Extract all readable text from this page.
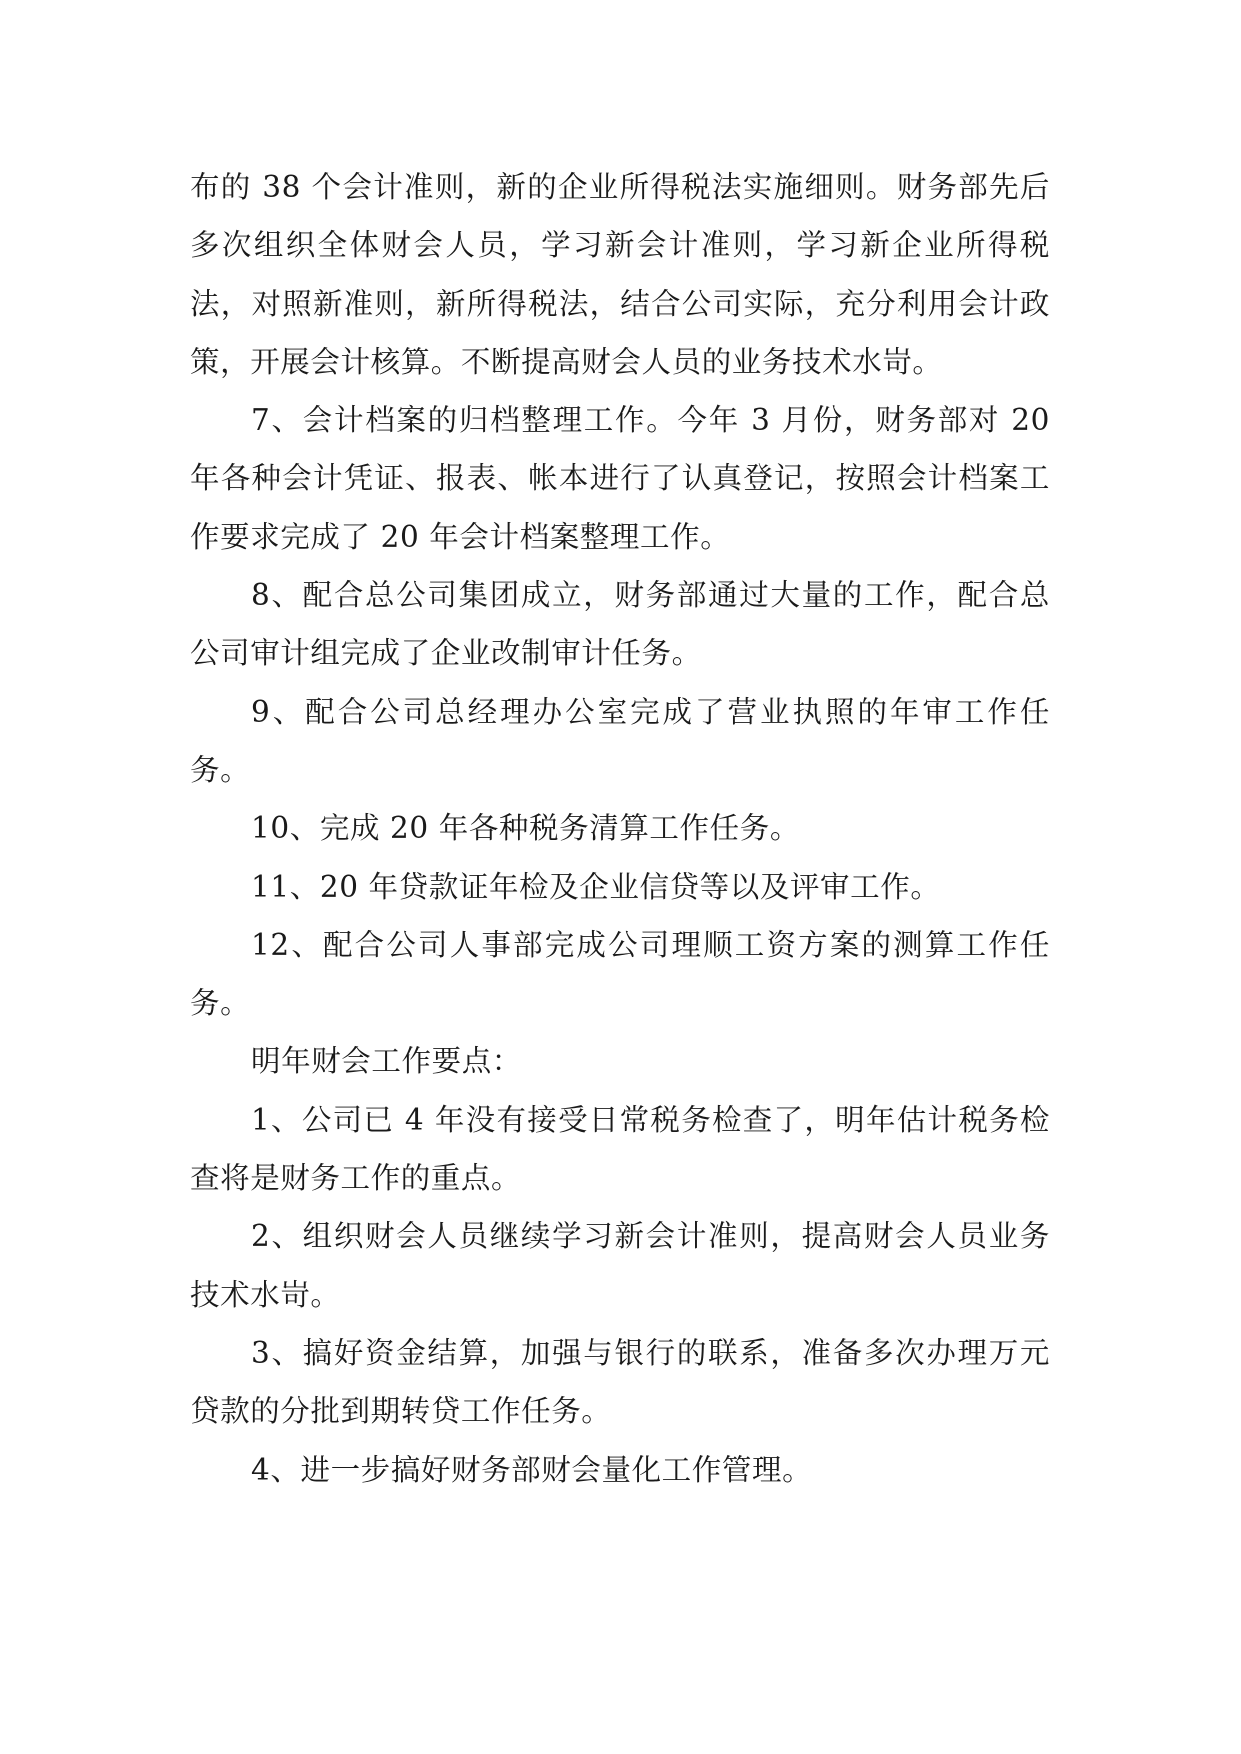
布的 38 个会计准则，新的企业所得税法实施细则。财务部先后多次组织全体财会人员，学习新会计准则，学习新企业所得税法，对照新准则，新所得税法，结合公司实际，充分利用会计政策，开展会计核算。不断提高财会人员的业务技术水岢。

7、会计档案的归档整理工作。今年 3 月份，财务部对 20 年各种会计凭证、报表、帐本进行了认真登记，按照会计档案工作要求完成了 20 年会计档案整理工作。

8、配合总公司集团成立，财务部通过大量的工作，配合总公司审计组完成了企业改制审计任务。

9、配合公司总经理办公室完成了营业执照的年审工作任务。

10、完成 20 年各种税务清算工作任务。

11、20 年贷款证年检及企业信贷等以及评审工作。

12、配合公司人事部完成公司理顺工资方案的测算工作任务。

明年财会工作要点：

1、公司已 4 年没有接受日常税务检查了，明年估计税务检查将是财务工作的重点。

2、组织财会人员继续学习新会计准则，提高财会人员业务技术水岢。

3、搞好资金结算，加强与银行的联系，准备多次办理万元贷款的分批到期转贷工作任务。

4、进一步搞好财务部财会量化工作管理。
